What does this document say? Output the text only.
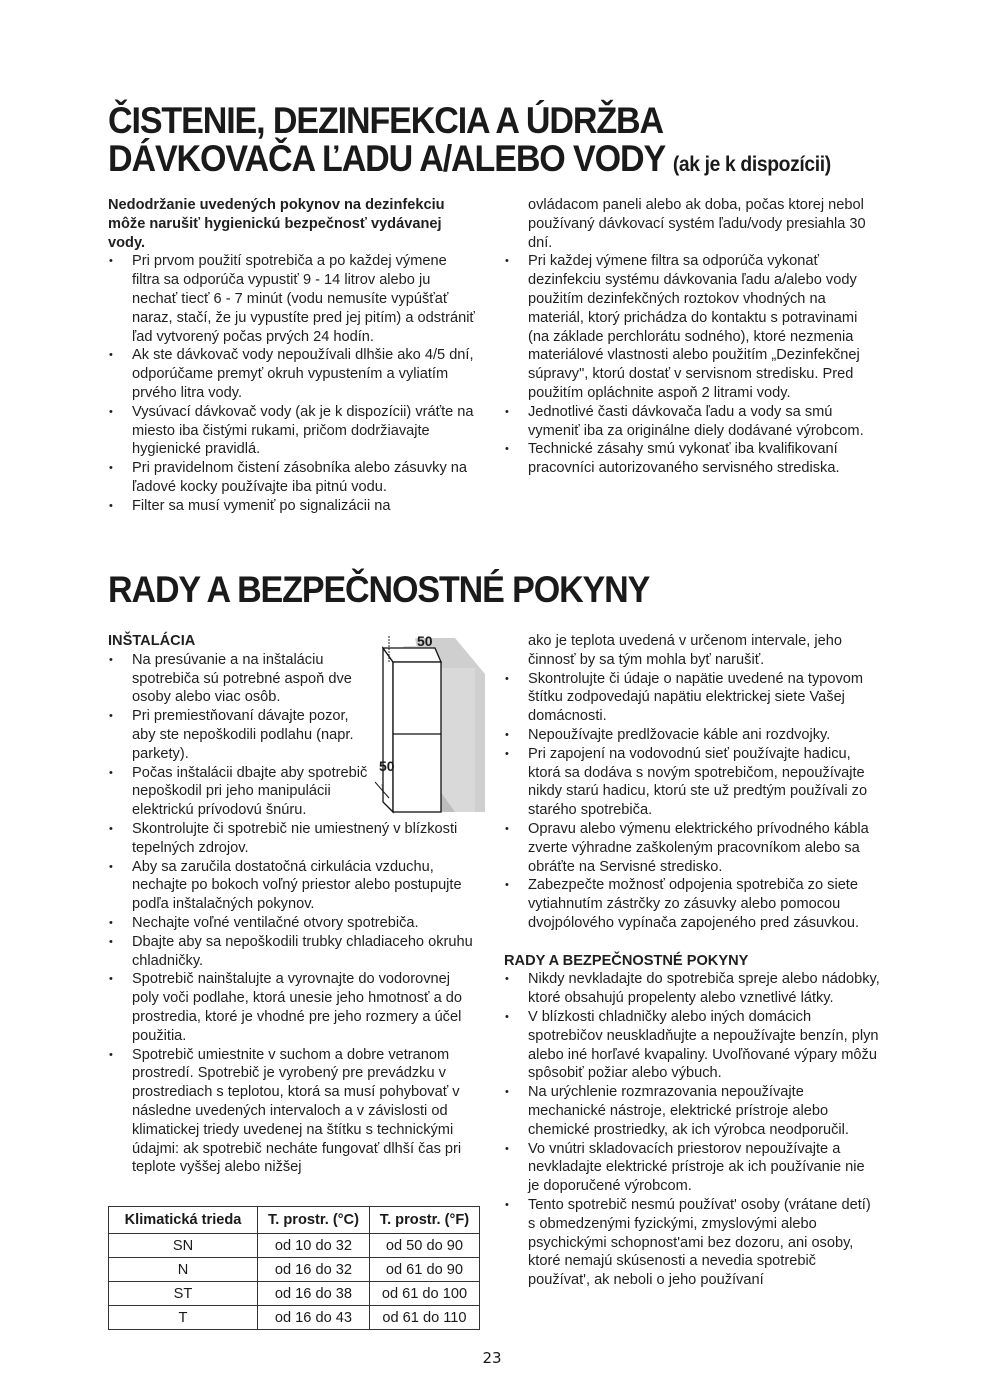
ČISTENIE, DEZINFEKCIA A ÚDRŽBA
DÁVKOVAČA ĽADU A/ALEBO VODY (ak je k dispozícii)

Nedodržanie uvedených pokynov na dezinfekciu môže narušiť hygienickú bezpečnosť vydávanej vody.

• Pri prvom použití spotrebiča a po každej výmene filtra sa odporúča vypustiť 9 - 14 litrov alebo ju nechať tiecť 6 - 7 minút (vodu nemusíte vypúšťať naraz, stačí, že ju vypustíte pred jej pitím) a odstrániť ľad vytvorený počas prvých 24 hodín.
• Ak ste dávkovač vody nepoužívali dlhšie ako 4/5 dní, odporúčame premyť okruh vypustením a vyliatím prvého litra vody.
• Vysúvací dávkovač vody (ak je k dispozícii) vráťte na miesto iba čistými rukami, pričom dodržiavajte hygienické pravidlá.
• Pri pravidelnom čistení zásobníka alebo zásuvky na ľadové kocky používajte iba pitnú vodu.
• Filter sa musí vymeniť po signalizácii na

ovládacom paneli alebo ak doba, počas ktorej nebol používaný dávkovací systém ľadu/vody presiahla 30 dní.

• Pri každej výmene filtra sa odporúča vykonať dezinfekciu systému dávkovania ľadu a/alebo vody použitím dezinfekčných roztokov vhodných na materiál, ktorý prichádza do kontaktu s potravinami (na základe perchlorátu sodného), ktoré nezmenia materiálové vlastnosti alebo použitím „Dezinfekčnej súpravy", ktorú dostať v servisnom stredisku. Pred použitím opláchnite aspoň 2 litrami vody.
• Jednotlivé časti dávkovača ľadu a vody sa smú vymeniť iba za originálne diely dodávané výrobcom.
• Technické zásahy smú vykonať iba kvalifikovaní pracovníci autorizovaného servisného strediska.
RADY A BEZPEČNOSTNÉ POKYNY

INŠTALÁCIA

• Na presúvanie a na inštaláciu spotrebiča sú potrebné aspoň dve osoby alebo viac osôb.
• Pri premiestňovaní dávajte pozor, aby ste nepoškodili podlahu (napr. parkety).
• Počas inštalácii dbajte aby spotrebič nepoškodil pri jeho manipulácii elektrickú prívodovú šnúru.
• Skontrolujte či spotrebič nie umiestnený v blízkosti tepelných zdrojov.
• Aby sa zaručila dostatočná cirkulácia vzduchu, nechajte po bokoch voľný priestor alebo postupujte podľa inštalačných pokynov.
• Nechajte voľné ventilačné otvory spotrebiča.
• Dbajte aby sa nepoškodili trubky chladiaceho okruhu chladničky.
• Spotrebič nainštalujte a vyrovnajte do vodorovnej poly voči podlahe, ktorá unesie jeho hmotnosť a do prostredia, ktoré je vhodné pre jeho rozmery a účel použitia.
• Spotrebič umiestnite v suchom a dobre vetranom prostredí. Spotrebič je vyrobený pre prevádzku v prostrediach s teplotou, ktorá sa musí pohybovať v následne uvedených intervaloch a v závislosti od klimatickej triedy uvedenej na štítku s technickými údajmi: ak spotrebič necháte fungovať dlhší čas pri teplote vyššej alebo nižšej
50
50
Klimatická trieda	T. prostr. (°C)	T. prostr. (°F)
SN	od 10 do 32	od 50 do 90
N	od 16 do 32	od 61 do 90
ST	od 16 do 38	od 61 do 100
T	od 16 do 43	od 61 do 110

ako je teplota uvedená v určenom intervale, jeho činnosť by sa tým mohla byť narušiť.

• Skontrolujte či údaje o napätie uvedené na typovom štítku zodpovedajú napätiu elektrickej siete Vašej domácnosti.
• Nepoužívajte predlžovacie káble ani rozdvojky.
• Pri zapojení na vodovodnú sieť používajte hadicu, ktorá sa dodáva s novým spotrebičom, nepoužívajte nikdy starú hadicu, ktorú ste už predtým používali zo starého spotrebiča.
• Opravu alebo výmenu elektrického prívodného kábla zverte výhradne zaškoleným pracovníkom alebo sa obráťte na Servisné stredisko.
• Zabezpečte možnosť odpojenia spotrebiča zo siete vytiahnutím zástrčky zo zásuvky alebo pomocou dvojpólového vypínača zapojeného pred zásuvkou.

RADY A BEZPEČNOSTNÉ POKYNY

• Nikdy nevkladajte do spotrebiča spreje alebo nádobky, ktoré obsahujú propelenty alebo vznetlivé látky.
• V blízkosti chladničky alebo iných domácich spotrebičov neuskladňujte a nepoužívajte benzín, plyn alebo iné horľavé kvapaliny. Uvoľňované výpary môžu spôsobiť požiar alebo výbuch.
• Na urýchlenie rozmrazovania nepoužívajte mechanické nástroje, elektrické prístroje alebo chemické prostriedky, ak ich výrobca neodporučil.
• Vo vnútri skladovacích priestorov nepoužívajte a nevkladajte elektrické prístroje ak ich používanie nie je doporučené výrobcom.
• Tento spotrebič nesmú používat' osoby (vrátane detí) s obmedzenými fyzickými, zmyslovými alebo psychickými schopnost'ami bez dozoru, ani osoby, ktoré nemajú skúsenosti a nevedia spotrebič používat', ak neboli o jeho používaní
23
